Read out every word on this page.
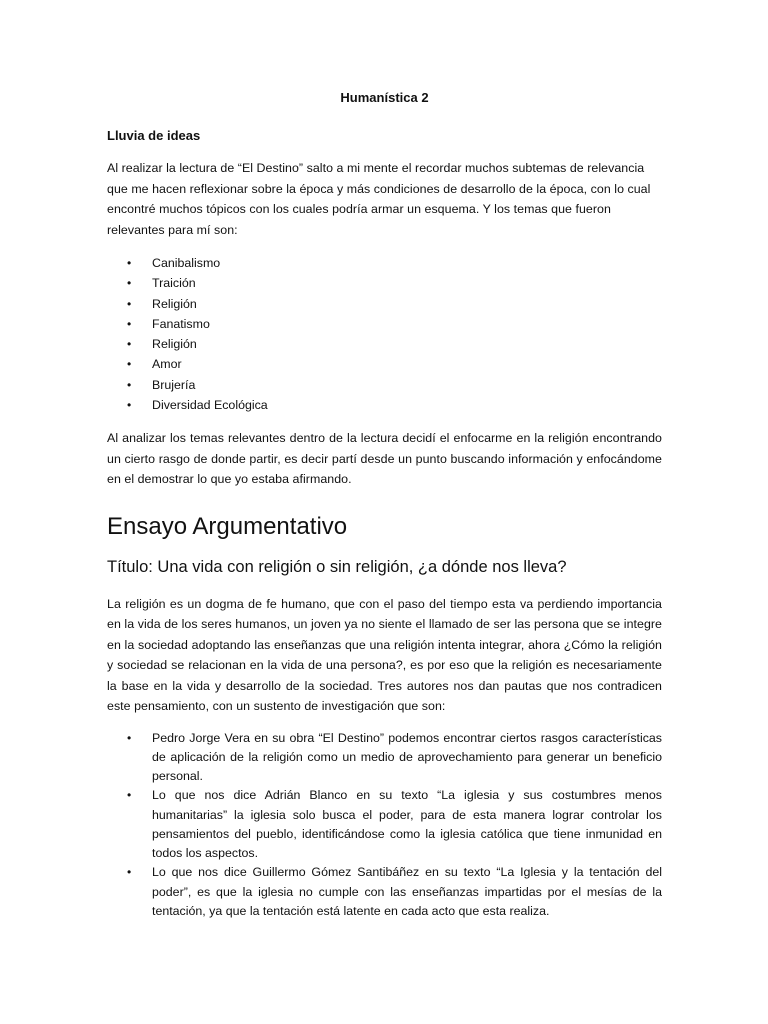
Humanística 2
Lluvia de ideas

Al realizar la lectura de “El Destino” salto a mi mente el recordar muchos subtemas de relevancia que me hacen reflexionar sobre la época y más condiciones de desarrollo de la época, con lo cual encontré muchos tópicos con los cuales podría armar un esquema. Y los temas que fueron relevantes para mí son:

• Canibalismo
• Traición
• Religión
• Fanatismo
• Religión
• Amor
• Brujería
• Diversidad Ecológica

Al analizar los temas relevantes dentro de la lectura decidí el enfocarme en la religión encontrando un cierto rasgo de donde partir, es decir partí desde un punto buscando información y enfocándome en el demostrar lo que yo estaba afirmando.

Ensayo Argumentativo
Título: Una vida con religión o sin religión, ¿a dónde nos lleva?

La religión es un dogma de fe humano, que con el paso del tiempo esta va perdiendo importancia en la vida de los seres humanos, un joven ya no siente el llamado de ser las persona que se integre en la sociedad adoptando las enseñanzas que una religión intenta integrar, ahora ¿Cómo la religión y sociedad se relacionan en la vida de una persona?, es por eso que la religión es necesariamente la base en la vida y desarrollo de la sociedad. Tres autores nos dan pautas que nos contradicen este pensamiento, con un sustento de investigación que son:

• Pedro Jorge Vera en su obra “El Destino” podemos encontrar ciertos rasgos características de aplicación de la religión como un medio de aprovechamiento para generar un beneficio personal.
• Lo que nos dice Adrián Blanco en su texto “La iglesia y sus costumbres menos humanitarias” la iglesia solo busca el poder, para de esta manera lograr controlar los pensamientos del pueblo, identificándose como la iglesia católica que tiene inmunidad en todos los aspectos.
• Lo que nos dice Guillermo Gómez Santibáñez en su texto “La Iglesia y la tentación del poder”, es que la iglesia no cumple con las enseñanzas impartidas por el mesías de la tentación, ya que la tentación está latente en cada acto que esta realiza.
